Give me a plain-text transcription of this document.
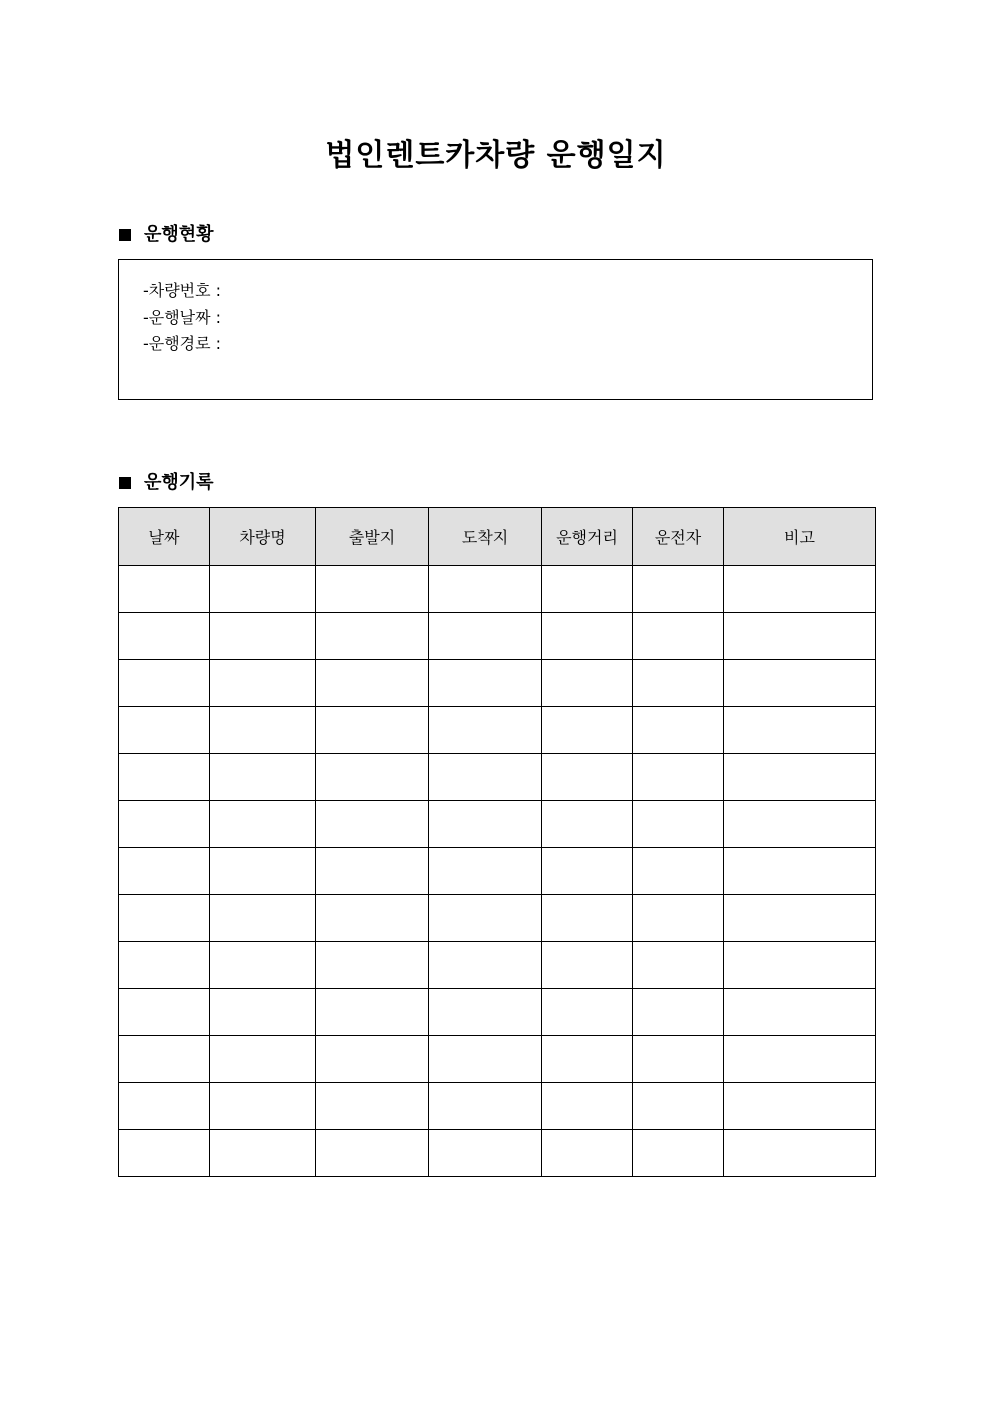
법인렌트카차량 운행일지
운행현황
-차량번호 :
-운행날짜 :
-운행경로 :
운행기록
날짜	차량명	출발지	도착지	운행거리	운전자	비고
